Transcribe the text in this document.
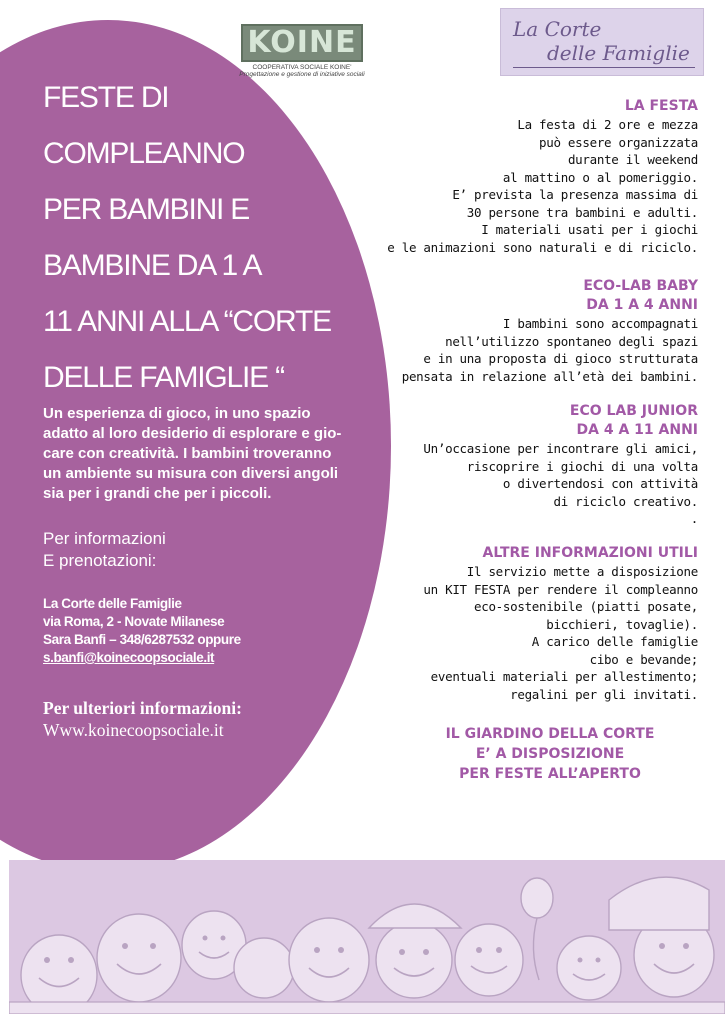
KOINE
COOPERATIVA SOCIALE KOINE'
Progettazione e gestione di iniziative sociali
La Corte
delle Famiglie
FESTE DI
COMPLEANNO
PER BAMBINI E
BAMBINE DA 1 A
11 ANNI ALLA “CORTE
DELLE FAMIGLIE “
Un esperienza di gioco, in uno spazio
adatto al loro desiderio di esplorare e gio-
care con creatività. I bambini troveranno
un ambiente su misura con diversi angoli
sia per i grandi che per i piccoli.
Per informazioni
E prenotazioni:
La Corte delle Famiglie
via Roma, 2 - Novate Milanese
Sara Banfi – 348/6287532 oppure
s.banfi@koinecoopsociale.it
Per ulteriori informazioni:
Www.koinecoopsociale.it
LA FESTA
La festa di 2 ore e mezza
può essere organizzata
durante il weekend
al mattino o al pomeriggio.
E’ prevista la presenza massima di
30 persone tra bambini e adulti.
I materiali usati per i giochi
e le animazioni sono naturali e di riciclo.
ECO-LAB BABY
DA 1 A 4 ANNI
I bambini sono accompagnati
nell’utilizzo spontaneo degli spazi
e in una proposta di gioco strutturata
pensata in relazione all’età dei bambini.
ECO LAB JUNIOR
DA 4 A 11 ANNI
Un’occasione per incontrare gli amici,
riscoprire i giochi di una volta
o divertendosi con attività
di riciclo creativo.
.
ALTRE INFORMAZIONI UTILI
Il servizio mette a disposizione
un KIT FESTA per rendere il compleanno
eco-sostenibile (piatti posate,
bicchieri, tovaglie).
A carico delle famiglie
cibo e bevande;
eventuali materiali per allestimento;
regalini per gli invitati.
IL GIARDINO DELLA CORTE
E’ A DISPOSIZIONE
PER FESTE ALL’APERTO
